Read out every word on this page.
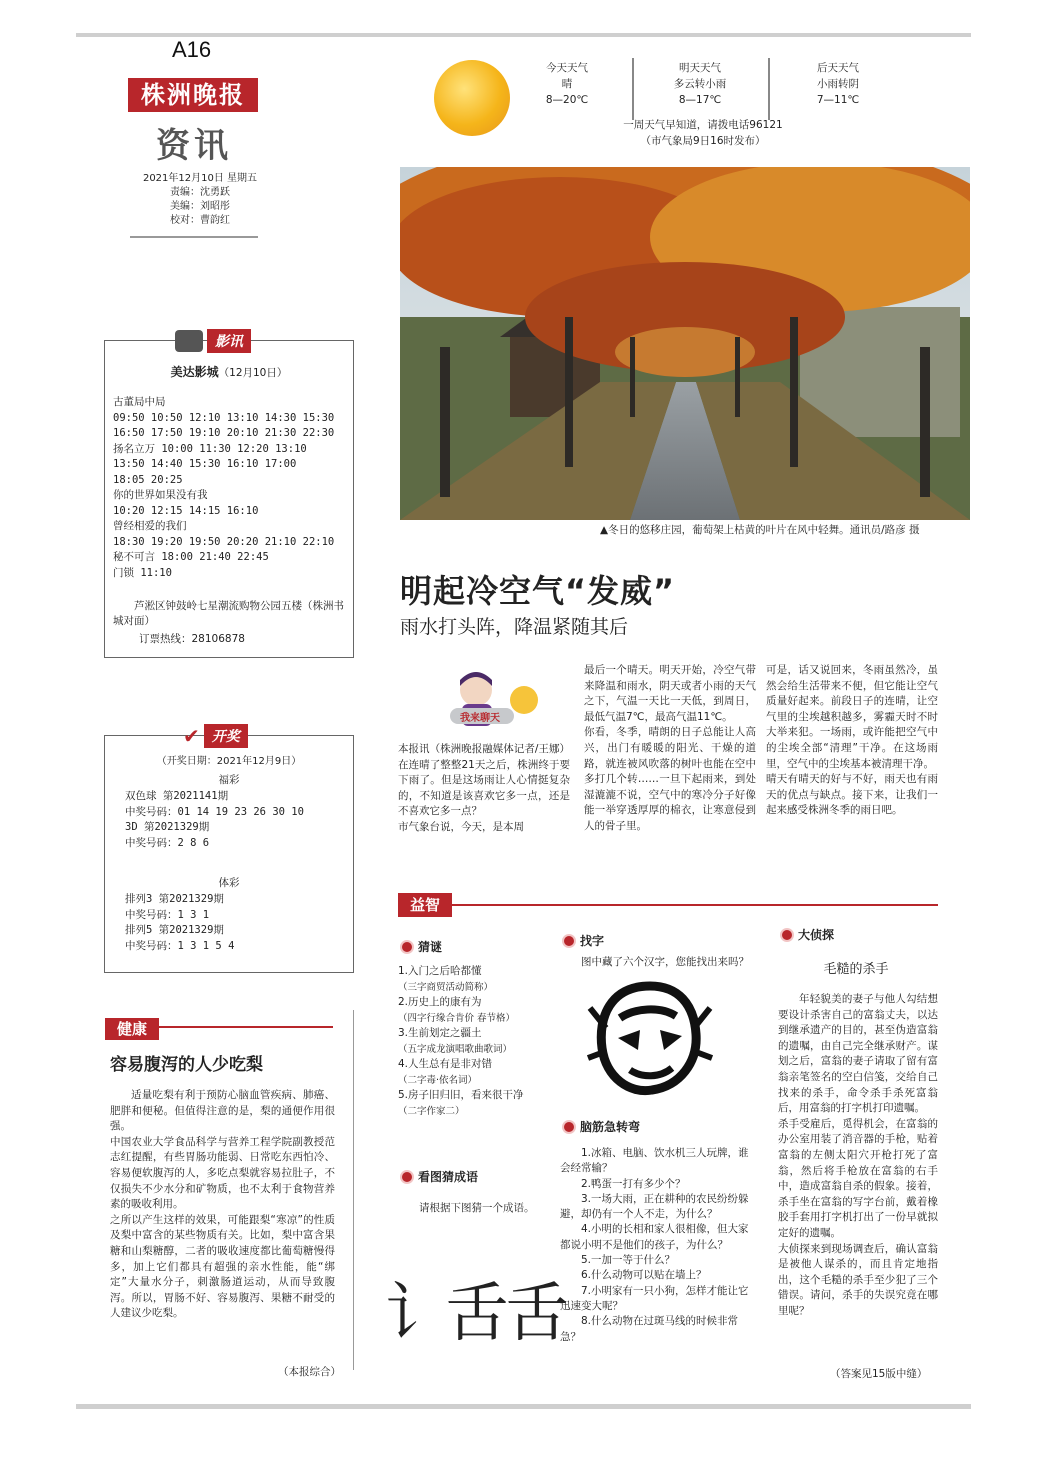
A16
株洲晚报
资讯
2021年12月10日 星期五
责编：沈勇跃
美编：刘昭彤
校对：曹韵红
今天天气
晴
8—20℃
明天天气
多云转小雨
8—17℃
后天天气
小雨转阴
7—11℃
一周天气早知道，请拨电话96121
（市气象局9日16时发布）
▲冬日的悠移庄园，葡萄架上枯黄的叶片在风中轻舞。通讯员/路彦 摄
明起冷空气“发威”
雨水打头阵，降温紧随其后
我来聊天
本报讯（株洲晚报融媒体记者/王娜）在连晴了整整21天之后，株洲终于要下雨了。但是这场雨让人心情挺复杂的，不知道是该喜欢它多一点，还是不喜欢它多一点？
市气象台说，今天，是本周
最后一个晴天。明天开始，冷空气带来降温和雨水，阴天或者小雨的天气之下，气温一天比一天低，到周日，最低气温7℃，最高气温11℃。
你看，冬季，晴朗的日子总能让人高兴，出门有暖暖的阳光、干燥的道路，就连被风吹落的树叶也能在空中多打几个转……一旦下起雨来，到处湿漉漉不说，空气中的寒冷分子好像能一举穿透厚厚的棉衣，让寒意侵到人的骨子里。
可是，话又说回来，冬雨虽然冷，虽然会给生活带来不便，但它能让空气质量好起来。前段日子的连晴，让空气里的尘埃越积越多，雾霾天时不时大举来犯。一场雨，或许能把空气中的尘埃全部“清理”干净。在这场雨里，空气中的尘埃基本被清理干净。
晴天有晴天的好与不好，雨天也有雨天的优点与缺点。接下来，让我们一起来感受株洲冬季的雨日吧。
影讯
美达影城（12月10日）
古董局中局
09:50 10:50 12:10 13:10 14:30 15:30
16:50 17:50 19:10 20:10 21:30 22:30
扬名立万 10:00 11:30 12:20 13:10
13:50 14:40 15:30 16:10 17:00
18:05 20:25
你的世界如果没有我
10:20 12:15 14:15 16:10
曾经相爱的我们
18:30 19:20 19:50 20:20 21:10 22:10
秘不可言 18:00 21:40 22:45
门锁 11:10
芦淞区钟鼓岭七星潮流购物公园五楼（株洲书城对面）
订票热线：28106878
✔ 开奖
（开奖日期：2021年12月9日）
福彩
双色球 第2021141期
中奖号码：01 14 19 23 26 30 10
3D 第2021329期
中奖号码：2 8 6
体彩
排列3 第2021329期
中奖号码：1 3 1
排列5 第2021329期
中奖号码：1 3 1 5 4
健康
容易腹泻的人少吃梨
适量吃梨有利于预防心脑血管疾病、肺癌、肥胖和便秘。但值得注意的是，梨的通便作用很强。
中国农业大学食品科学与营养工程学院副教授范志红提醒，有些胃肠功能弱、日常吃东西怕冷、容易便软腹泻的人，多吃点梨就容易拉肚子，不仅损失不少水分和矿物质，也不太利于食物营养素的吸收利用。
之所以产生这样的效果，可能跟梨“寒凉”的性质及梨中富含的某些物质有关。比如，梨中富含果糖和山梨糖醇，二者的吸收速度都比葡萄糖慢得多，加上它们都具有超强的亲水性能，能“绑定”大量水分子，刺激肠道运动，从而导致腹泻。所以，胃肠不好、容易腹泻、果糖不耐受的人建议少吃梨。
（本报综合）
益智
猜谜
1.入门之后哈都懂
（三字商贸活动简称）
2.历史上的康有为
（四字行缘合肯价 春节格）
3.生前划定之疆土
（五字成龙演唱歌曲歌词）
4.人生总有是非对错
（二字毒·依名词）
5.房子旧归旧，看来很干净
（二字作家二）
看图猜成语
请根据下图猜一个成语。
讠舌舌
找字
图中藏了六个汉字，您能找出来吗？
脑筋急转弯
1.冰箱、电脑、饮水机三人玩牌，谁会经常输？
2.鸭蛋一打有多少个？
3.一场大雨，正在耕种的农民纷纷躲避，却仍有一个人不走，为什么？
4.小明的长相和家人很相像，但大家都说小明不是他们的孩子，为什么？
5.一加一等于什么？
6.什么动物可以贴在墙上？
7.小明家有一只小狗，怎样才能让它迅速变大呢？
8.什么动物在过斑马线的时候非常急？
大侦探
毛糙的杀手
年轻貌美的妻子与他人勾结想要设计杀害自己的富翁丈夫，以达到继承遗产的目的，甚至伪造富翁的遗嘱，由自己完全继承财产。谋划之后，富翁的妻子请取了留有富翁亲笔签名的空白信笺，交给自己找来的杀手，命令杀手杀死富翁后，用富翁的打字机打印遗嘱。
杀手受雇后，觅得机会，在富翁的办公室用装了消音器的手枪，贴着富翁的左侧太阳穴开枪打死了富翁，然后将手枪放在富翁的右手中，造成富翁自杀的假象。接着，杀手坐在富翁的写字台前，戴着橡胶手套用打字机打出了一份早就拟定好的遗嘱。
大侦探来到现场调查后，确认富翁是被他人谋杀的，而且肯定地指出，这个毛糙的杀手至少犯了三个错误。请问，杀手的失误究竟在哪里呢？
（答案见15版中缝）
